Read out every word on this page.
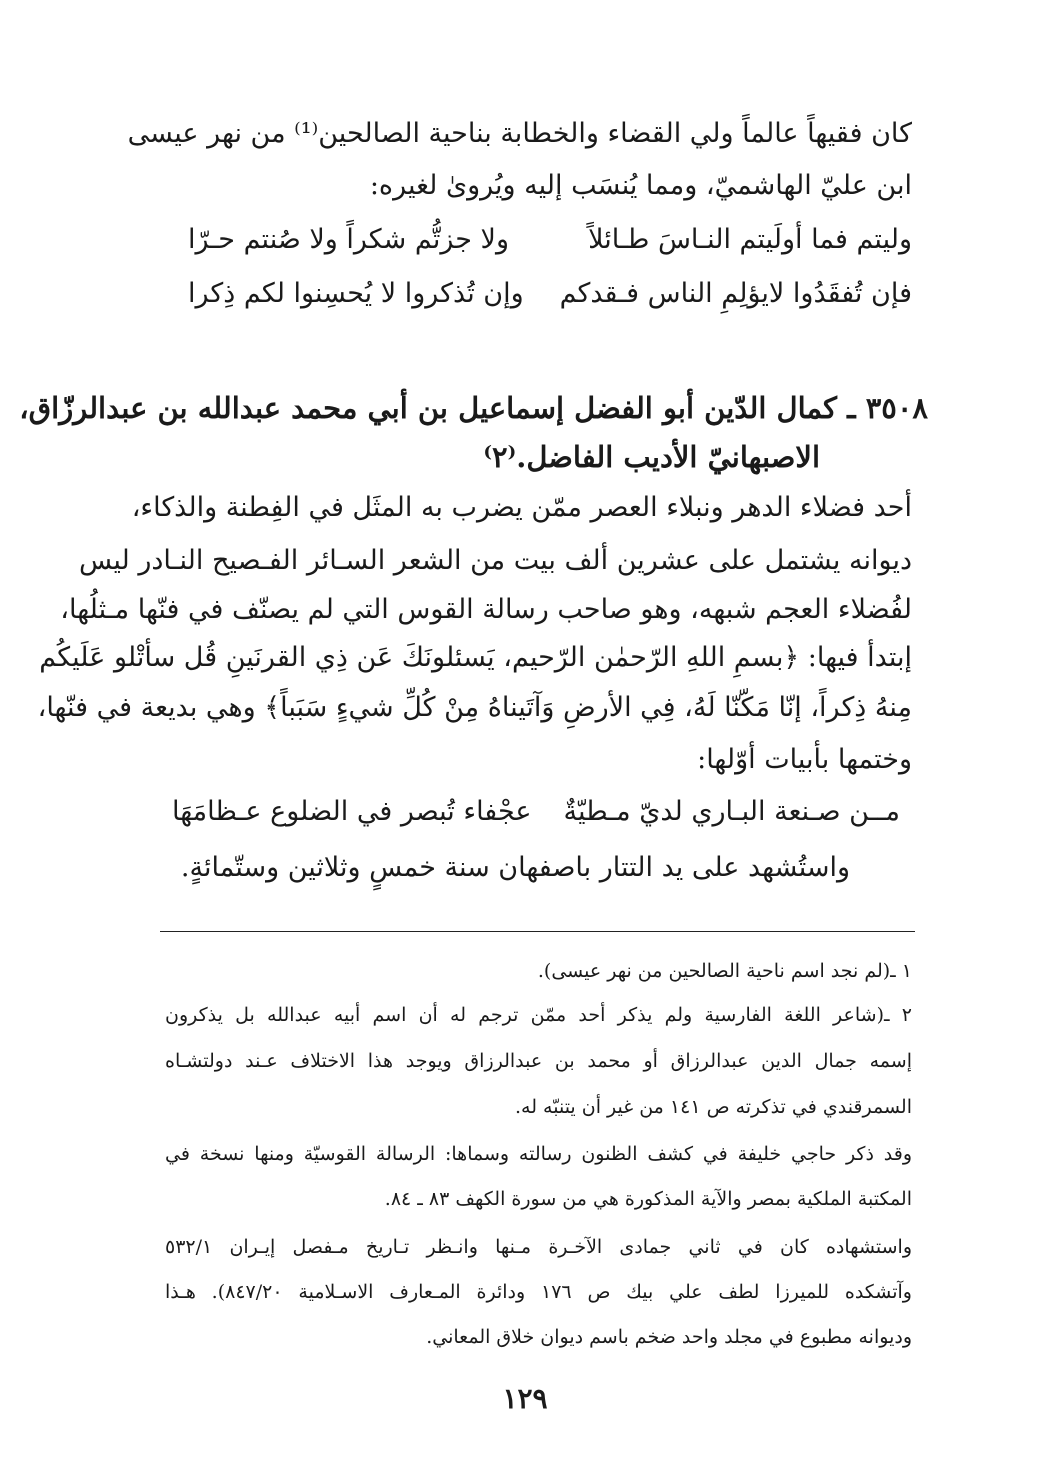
كان فقيهاً عالماً ولي القضاء والخطابة بناحية الصالحين⁽¹⁾ من نهر عيسى
ابن عليّ الهاشميّ، ومما يُنسَب إليه ويُروىٰ لغيره:
وليتم فما أولَيتم النـاسَ طـائلاً
ولا جزتُّم شكراً ولا صُنتم حـرّا
فإن تُفقَدُوا لايؤلِمِ الناس فـقدكم
وإن تُذكروا لا يُحسِنوا لكم ذِكرا
٣٥٠٨ ـ كمال الدّين أبو الفضل إسماعيل بن أبي محمد عبدالله بن عبدالرزّاق،
الاصبهانيّ الأديب الفاضل.⁽٢⁾
أحد فضلاء الدهر ونبلاء العصر ممّن يضرب به المثَل في الفِطنة والذكاء،
ديوانه يشتمل على عشرين ألف بيت من الشعر السـائر الفـصيح النـادر ليس
لفُضلاء العجم شبهه، وهو صاحب رسالة القوس التي لم يصنّف في فنّها مـثلُها،
إبتدأ فيها: ﴿بسمِ اللهِ الرّحمٰن الرّحيم، يَسئلونَكَ عَن ذِي القرنَينِ قُل سأتْلو عَلَيكُم
مِنهُ ذِكراً، إنّا مَكّنّا لَهُ، فِي الأرضِ وَآتَيناهُ مِنْ كُلِّ شيءٍ سَبَباً﴾ وهي بديعة في فنّها،
وختمها بأبيات أوّلها:
مــن صـنعة البـاري لديّ مـطيّةٌ
عجْفاء تُبصر في الضلوع عـظامَهَا
واستُشهد على يد التتار باصفهان سنة خمسٍ وثلاثين وستّمائةٍ.
١ ـ(لم نجد اسم ناحية الصالحين من نهر عيسى).
٢ ـ(شاعر اللغة الفارسية ولم يذكر أحد ممّن ترجم له أن اسم أبيه عبدالله بل يذكرون
إسمه جمال الدين عبدالرزاق أو محمد بن عبدالرزاق ويوجد هذا الاختلاف عـند دولتشـاه
السمرقندي في تذكرته ص ١٤١ من غير أن يتنبّه له.
وقد ذكر حاجي خليفة في كشف الظنون رسالته وسماها: الرسالة القوسيّة ومنها نسخة في
المكتبة الملكية بمصر والآية المذكورة هي من سورة الكهف ٨٣ ـ ٨٤.
واستشهاده كان في ثاني جمادى الآخـرة مـنها وانـظر تـاريخ مـفصل إيـران ٥٣٢/١
وآتشكده للميرزا لطف علي بيك ص ١٧٦ ودائرة المـعارف الاسـلامية ٨٤٧/٢٠). هـذا
وديوانه مطبوع في مجلد واحد ضخم باسم ديوان خلاق المعاني.
١٢٩
